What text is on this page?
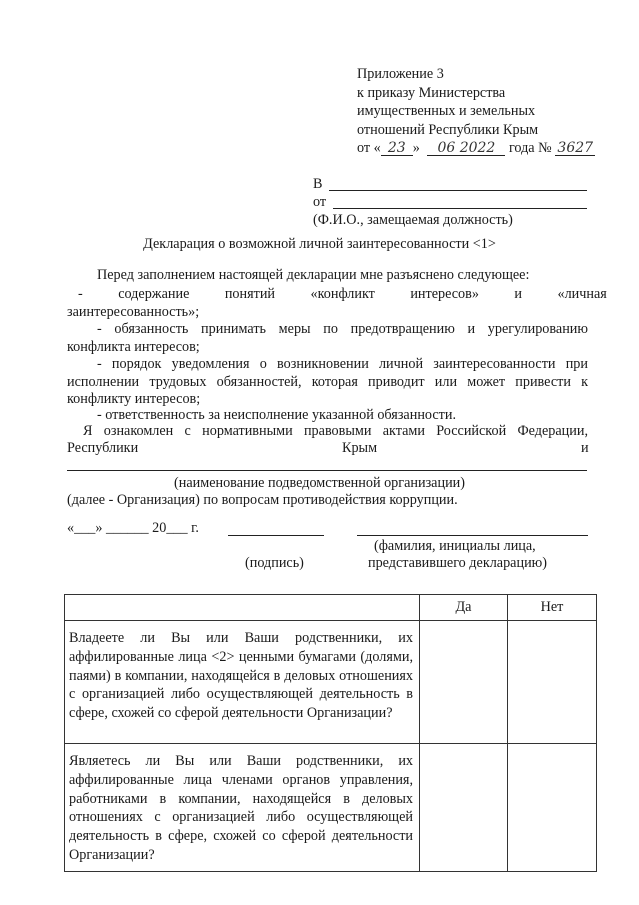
Приложение 3
к приказу Министерства
имущественных и земельных
отношений Республики Крым
от « 23 » 06 2022 года № 3627
В
от
(Ф.И.О., замещаемая должность)
Декларация о возможной личной заинтересованности <1>
Перед заполнением настоящей декларации мне разъяснено следующее:
-          содержание          понятий          «конфликт          интересов»          и          «личная
заинтересованность»;
- обязанность принимать меры по предотвращению и урегулированию
конфликта интересов;
- порядок уведомления о возникновении личной заинтересованности при
исполнении трудовых обязанностей, которая приводит или может привести к
конфликту интересов;
- ответственность за неисполнение указанной обязанности.
Я ознакомлен с нормативными правовыми актами Российской Федерации,
Республики	Крым	и
(наименование подведомственной организации)
(далее - Организация) по вопросам противодействия коррупции.
«___» ______ 20___ г.
(фамилия, инициалы лица,
(подпись)	представившего декларацию)
	Да	Нет
Владеете ли Вы или Ваши родственники, их аффилированные лица <2> ценными бумагами (долями, паями) в компании, находящейся в деловых отношениях с организацией либо осуществляющей деятельность в сфере, схожей со сферой деятельности Организации?		
Являетесь ли Вы или Ваши родственники, их аффилированные лица членами органов управления, работниками в компании, находящейся в деловых отношениях с организацией либо осуществляющей деятельность в сфере, схожей со сферой деятельности Организации?		
